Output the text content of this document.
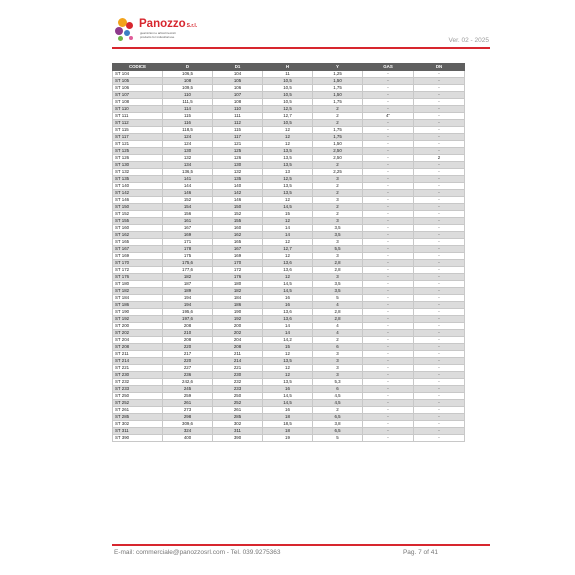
PanozzoS.r.l.
guarnizioni e articoli tecnici
products for industrial use
Ver. 02 - 2025
CODICE	D	D1	H	Y	GAS	DN
ST 104	106,5	104	11	1,25	-	-
ST 105	108	105	10,5	1,50	-	-
ST 106	109,5	106	10,5	1,75	-	-
ST 107	110	107	10,5	1,50	-	-
ST 108	111,5	108	10,5	1,75	-	-
ST 110	114	110	12,5	2	-	-
ST 111	115	111	12,7	2	4"	-
ST 112	116	112	10,5	2	-	-
ST 115	118,5	115	12	1,75	-	-
ST 117	124	117	12	1,75	-	-
ST 121	124	121	12	1,50	-	-
ST 125	130	125	13,5	2,50	-	-
ST 126	132	126	13,5	2,50	-	2
ST 130	134	130	13,5	2	-	-
ST 132	136,5	132	13	2,25	-	-
ST 135	141	135	12,5	3	-	-
ST 140	144	140	13,5	2	-	-
ST 142	146	142	13,5	2	-	-
ST 146	152	146	12	3	-	-
ST 150	154	150	14,5	2	-	-
ST 152	156	152	15	2	-	-
ST 155	161	155	12	3	-	-
ST 160	167	160	14	3,5	-	-
ST 162	169	162	14	3,5	-	-
ST 165	171	165	12	3	-	-
ST 167	178	167	12,7	5,5	-	-
ST 169	175	169	12	3	-	-
ST 170	175,6	170	13,6	2,8	-	-
ST 172	177,6	172	13,6	2,8	-	-
ST 176	182	176	12	3	-	-
ST 180	187	180	14,5	3,5	-	-
ST 182	189	182	14,5	3,5	-	-
ST 184	194	184	16	5	-	-
ST 186	194	186	16	4	-	-
ST 190	195,6	190	13,6	2,8	-	-
ST 192	197,6	192	13,6	2,8	-	-
ST 200	208	200	14	4	-	-
ST 202	210	202	14	4	-	-
ST 204	208	204	14,2	2	-	-
ST 208	220	208	15	6	-	-
ST 211	217	211	12	3	-	-
ST 214	220	214	13,5	3	-	-
ST 221	227	221	12	3	-	-
ST 230	236	230	12	3	-	-
ST 232	242,6	232	13,5	5,3	-	-
ST 233	245	233	16	6	-	-
ST 250	259	250	14,5	4,5	-	-
ST 252	261	252	14,5	4,5	-	-
ST 261	273	261	16	2	-	-
ST 285	298	285	18	6,5	-	-
ST 302	309,6	302	18,5	3,8	-	-
ST 311	324	311	18	6,5	-	-
ST 390	400	390	19	5	-	-
E-mail: commerciale@panozzosrl.com - Tel. 039.9275363	Pag. 7 of 41
